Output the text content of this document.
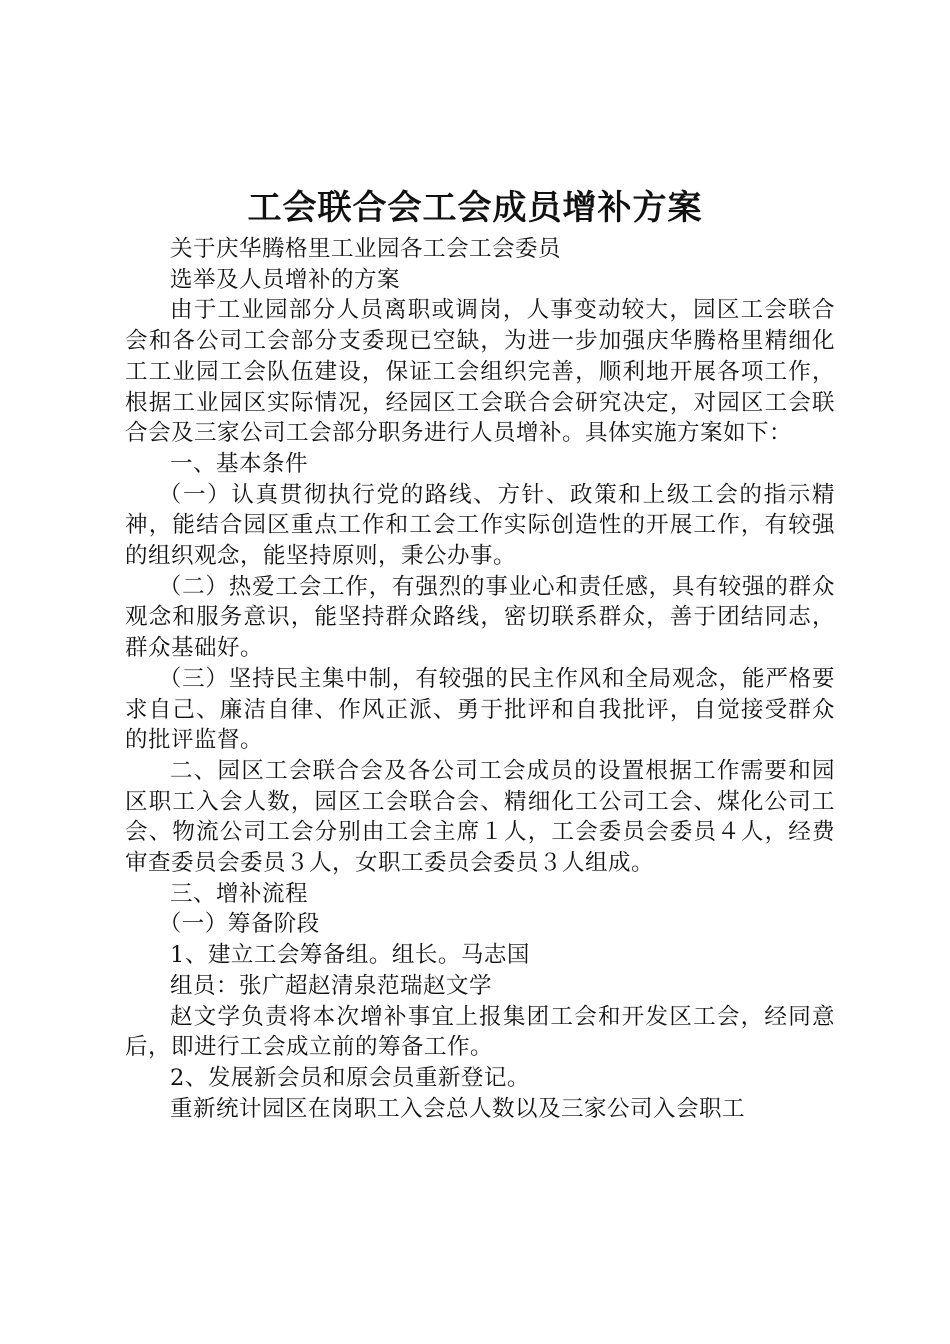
工会联合会工会成员增补方案

关于庆华腾格里工业园各工会工会委员

选举及人员增补的方案

由于工业园部分人员离职或调岗，人事变动较大，园区工会联合会和各公司工会部分支委现已空缺，为进一步加强庆华腾格里精细化工工业园工会队伍建设，保证工会组织完善，顺利地开展各项工作，根据工业园区实际情况，经园区工会联合会研究决定，对园区工会联合会及三家公司工会部分职务进行人员增补。具体实施方案如下：

一、基本条件

（一）认真贯彻执行党的路线、方针、政策和上级工会的指示精神，能结合园区重点工作和工会工作实际创造性的开展工作，有较强的组织观念，能坚持原则，秉公办事。

（二）热爱工会工作，有强烈的事业心和责任感，具有较强的群众观念和服务意识，能坚持群众路线，密切联系群众，善于团结同志，群众基础好。

（三）坚持民主集中制，有较强的民主作风和全局观念，能严格要求自己、廉洁自律、作风正派、勇于批评和自我批评，自觉接受群众的批评监督。

二、园区工会联合会及各公司工会成员的设置根据工作需要和园区职工入会人数，园区工会联合会、精细化工公司工会、煤化公司工会、物流公司工会分别由工会主席１人，工会委员会委员４人，经费审查委员会委员３人，女职工委员会委员３人组成。

三、增补流程

（一）筹备阶段

1、建立工会筹备组。组长。马志国

组员：张广超赵清泉范瑞赵文学

赵文学负责将本次增补事宜上报集团工会和开发区工会，经同意后，即进行工会成立前的筹备工作。

2、发展新会员和原会员重新登记。

重新统计园区在岗职工入会总人数以及三家公司入会职工
